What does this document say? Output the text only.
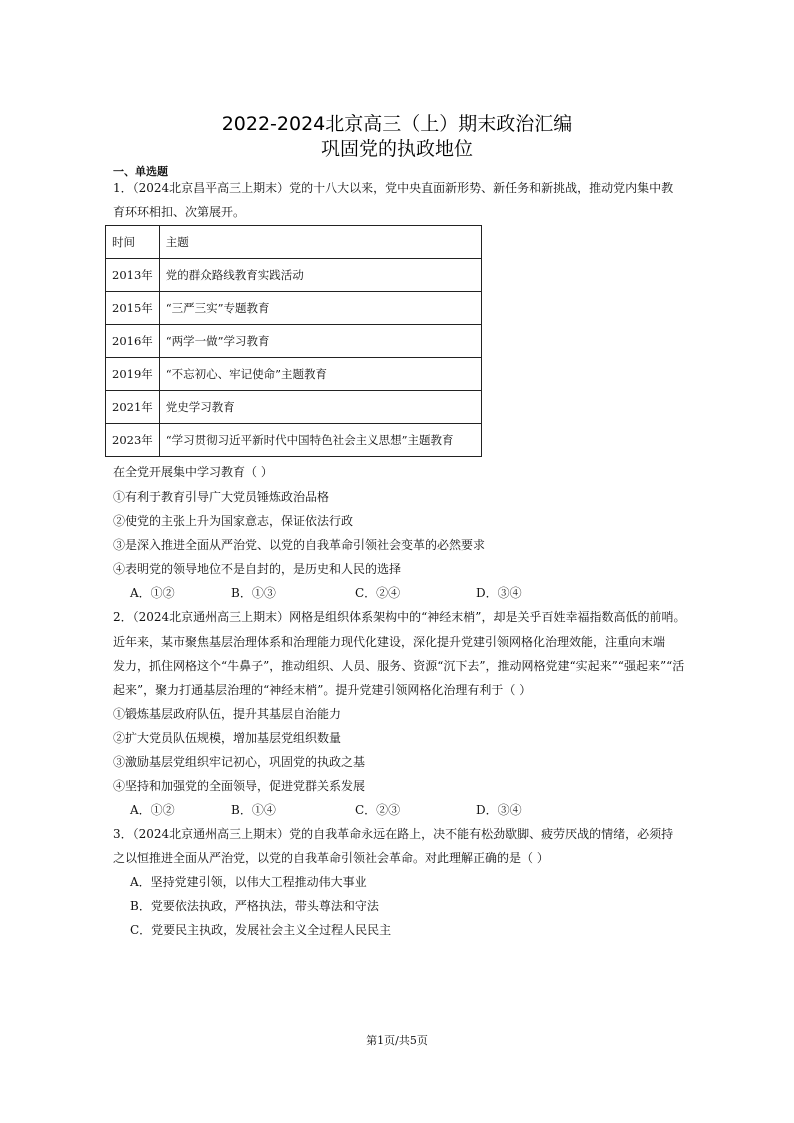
2022-2024北京高三（上）期末政治汇编
巩固党的执政地位
一、单选题
1．（2024北京昌平高三上期末）党的十八大以来，党中央直面新形势、新任务和新挑战，推动党内集中教
育环环相扣、次第展开。
时间	主题
2013年	党的群众路线教育实践活动
2015年	“三严三实”专题教育
2016年	“两学一做”学习教育
2019年	“不忘初心、牢记使命”主题教育
2021年	党史学习教育
2023年	“学习贯彻习近平新时代中国特色社会主义思想”主题教育
在全党开展集中学习教育（ ）
①有利于教育引导广大党员锤炼政治品格
②使党的主张上升为国家意志，保证依法行政
③是深入推进全面从严治党、以党的自我革命引领社会变革的必然要求
④表明党的领导地位不是自封的，是历史和人民的选择
A．①②	B．①③	C．②④	D．③④
2．（2024北京通州高三上期末）网格是组织体系架构中的“神经末梢”，却是关乎百姓幸福指数高低的前哨。
近年来，某市聚焦基层治理体系和治理能力现代化建设，深化提升党建引领网格化治理效能，注重向末端
发力，抓住网格这个“牛鼻子”，推动组织、人员、服务、资源“沉下去”，推动网格党建“实起来”“强起来”“活
起来”，聚力打通基层治理的“神经末梢”。提升党建引领网格化治理有利于（ ）
①锻炼基层政府队伍，提升其基层自治能力
②扩大党员队伍规模，增加基层党组织数量
③激励基层党组织牢记初心，巩固党的执政之基
④坚持和加强党的全面领导，促进党群关系发展
A．①②	B．①④	C．②③	D．③④
3．（2024北京通州高三上期末）党的自我革命永远在路上，决不能有松劲歇脚、疲劳厌战的情绪，必须持
之以恒推进全面从严治党，以党的自我革命引领社会革命。对此理解正确的是（ ）
A．坚持党建引领，以伟大工程推动伟大事业
B．党要依法执政，严格执法，带头尊法和守法
C．党要民主执政，发展社会主义全过程人民民主
第1页/共5页
